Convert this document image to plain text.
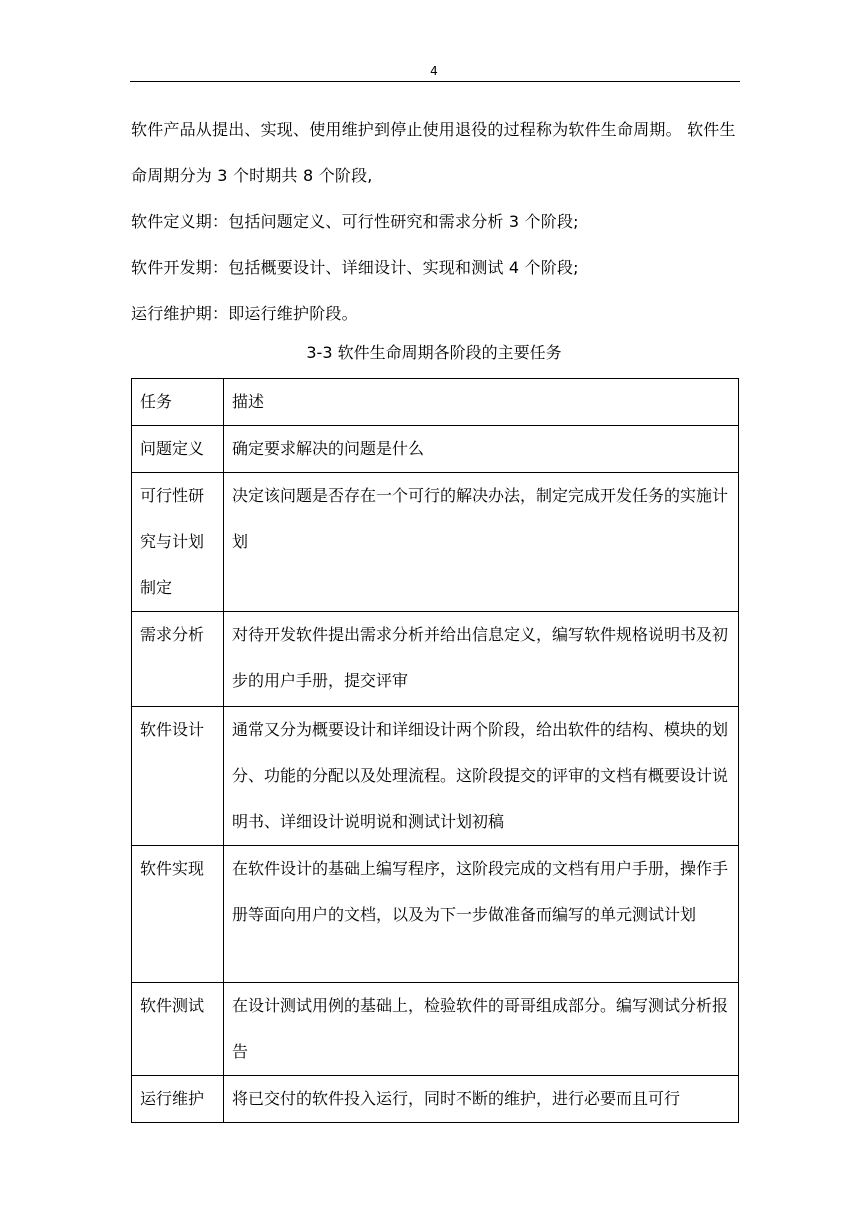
4

软件产品从提出、实现、使用维护到停止使用退役的过程称为软件生命周期。 软件生命周期分为 3 个时期共 8 个阶段,

软件定义期：包括问题定义、可行性研究和需求分析 3 个阶段;

软件开发期：包括概要设计、详细设计、实现和测试 4 个阶段;

运行维护期：即运行维护阶段。

3-3 软件生命周期各阶段的主要任务
任务	描述

问题定义	确定要求解决的问题是什么

可行性研究与计划制定	决定该问题是否存在一个可行的解决办法，制定完成开发任务的实施计划

需求分析	对待开发软件提出需求分析并给出信息定义，编写软件规格说明书及初步的用户手册，提交评审

软件设计	通常又分为概要设计和详细设计两个阶段，给出软件的结构、模块的划分、功能的分配以及处理流程。这阶段提交的评审的文档有概要设计说明书、详细设计说明说和测试计划初稿

软件实现	在软件设计的基础上编写程序，这阶段完成的文档有用户手册，操作手册等面向用户的文档，以及为下一步做准备而编写的单元测试计划

软件测试	在设计测试用例的基础上，检验软件的哥哥组成部分。编写测试分析报告

运行维护	将已交付的软件投入运行，同时不断的维护，进行必要而且可行
